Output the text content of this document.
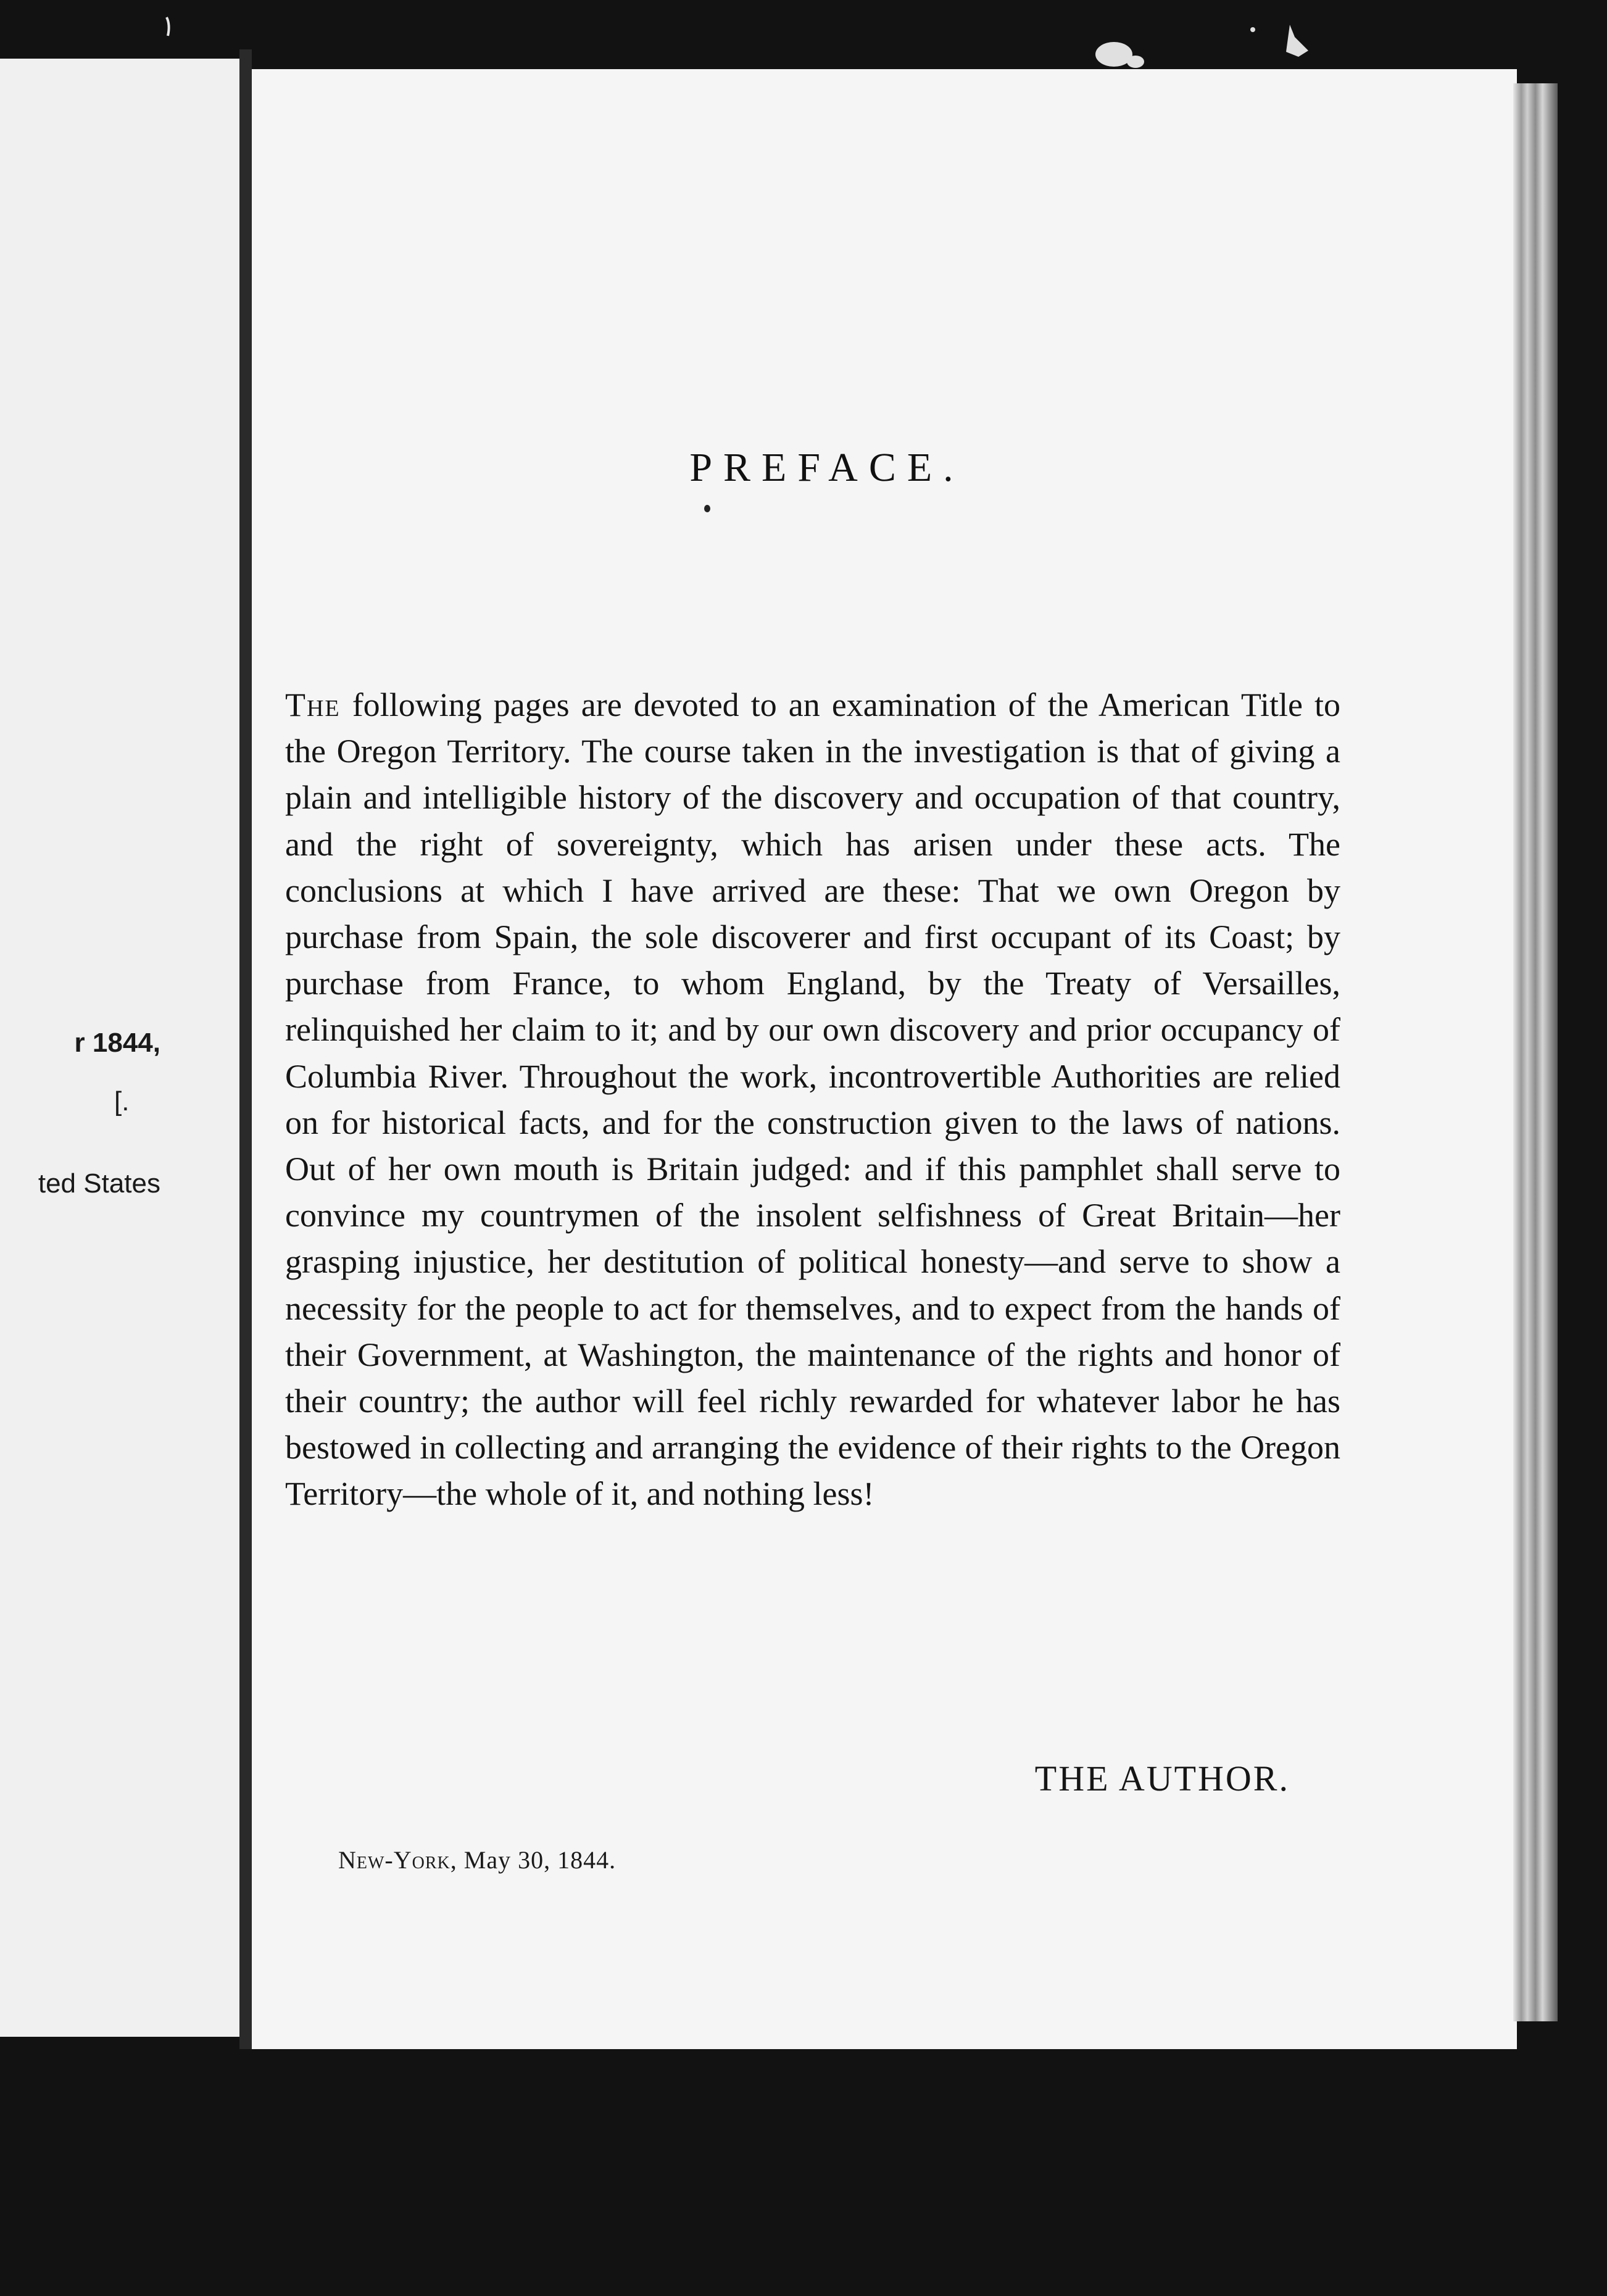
r 1844,
[.
ted States
PREFACE.

The following pages are devoted to an examination of the American Title to the Oregon Territory. The course taken in the investigation is that of giving a plain and intelligible history of the discovery and occupation of that country, and the right of sovereignty, which has arisen under these acts. The conclusions at which I have arrived are these: That we own Oregon by purchase from Spain, the sole discoverer and first occupant of its Coast; by purchase from France, to whom England, by the Treaty of Versailles, relinquished her claim to it; and by our own discovery and prior occupancy of Columbia River. Throughout the work, incontrovertible Authorities are relied on for historical facts, and for the construction given to the laws of nations. Out of her own mouth is Britain judged: and if this pamphlet shall serve to convince my countrymen of the insolent selfishness of Great Britain—her grasping injustice, her destitution of political honesty—and serve to show a necessity for the people to act for themselves, and to expect from the hands of their Government, at Washington, the maintenance of the rights and honor of their country; the author will feel richly rewarded for whatever labor he has bestowed in collecting and arranging the evidence of their rights to the Oregon Territory—the whole of it, and nothing less!

THE AUTHOR.
New-York, May 30, 1844.
